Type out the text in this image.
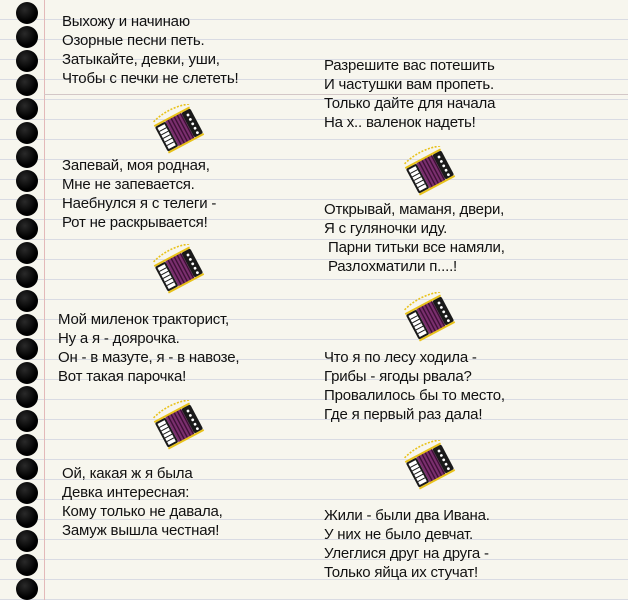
Выхожу и начинаю
Озорные песни петь.
Затыкайте, девки, уши,
Чтобы с печки не слететь!
Запевай, моя родная,
Мне не запевается.
Наебнулся я с телеги -
Рот не раскрывается!
Мой миленок тракторист,
Ну а я - доярочка.
Он - в мазуте, я - в навозе,
Вот такая парочка!
Ой, какая ж я была
Девка интересная:
Кому только не давала,
Замуж вышла честная!
Разрешите вас потешить
И частушки вам пропеть.
Только дайте для начала
На х.. валенок надеть!
Открывай, маманя, двери,
Я с гуляночки иду.
Парни титьки все намяли,
Разлохматили п....!
Что я по лесу ходила -
Грибы - ягоды рвала?
Провалилось бы то место,
Где я первый раз дала!
Жили - были два Ивана.
У них не было девчат.
Улеглися друг на друга -
Только яйца их стучат!
